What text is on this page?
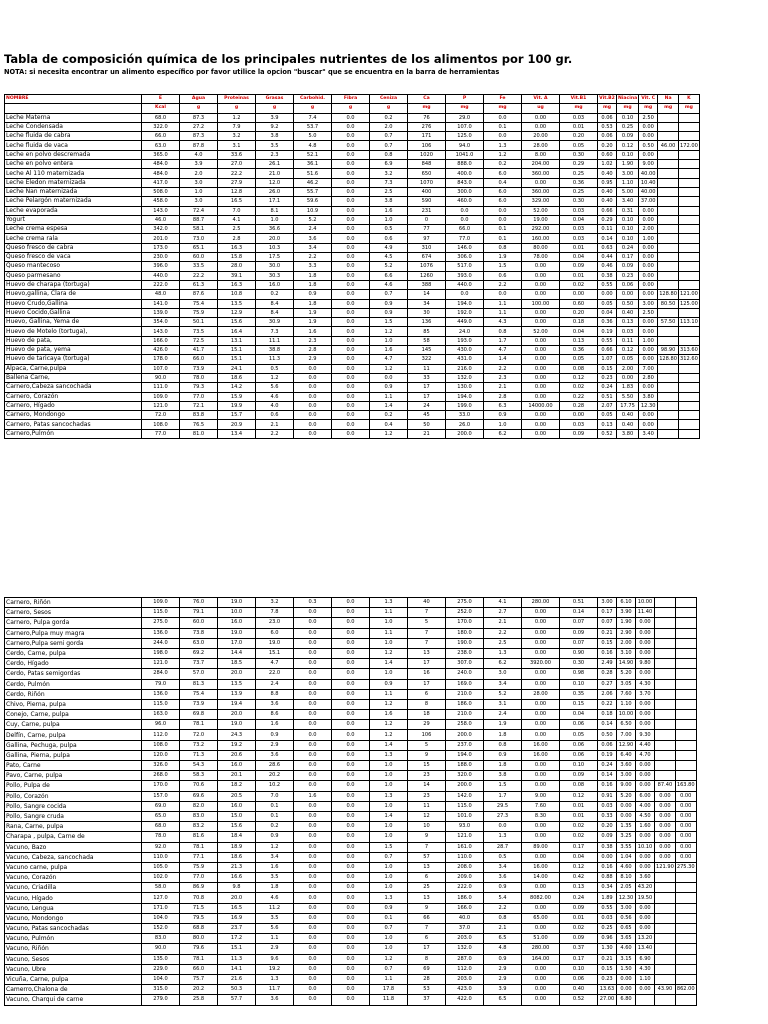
Tabla de composición química de los principales nutrientes de los alimentos por 100 gr.
NOTA: si necesita encontrar un alimento específico por favor utilice la opcion "buscar" que se encuentra en la barra de herramientas
NOMBRE	E	Agua	Proteinas	Grasas	Carbohid.	Fibra	Ceniza	Ca	P	Fe	Vit. A	Vit.B1	Vit.B2	Niacina	Vit. C	Na	K
	Kcal	g	g	g	g	g	g	mg	mg	mg	ug	mg	mg	mg	mg	mg	mg
Leche Materna	68.0	87.3	1.2	3.9	7.4	0.0	0.2	76	29.0	0.0	0.00	0.03	0.06	0.10	2.50		
Leche Condensada	322.0	27.2	7.9	9.2	53.7	0.0	2.0	276	107.0	0.1	0.00	0.01	0.53	0.25	0.00		
Leche fluida de cabra	66.0	87.3	3.2	3.8	5.0	0.0	0.7	171	125.0	0.0	20.00	0.20	0.06	0.09	0.00		
Leche fluida de vaca	63.0	87.8	3.1	3.5	4.8	0.0	0.7	106	94.0	1.3	28.00	0.05	0.20	0.12	0.50	46.00	172.00
Leche en polvo descremada	365.0	4.0	33.6	2.3	52.1	0.0	0.8	1020	1041.0	1.2	8.00	0.30	0.60	0.10	0.00		
Leche en polvo entera	484.0	3.9	27.0	26.1	36.1	0.0	6.9	848	888.0	0.2	204.00	0.29	1.02	1.90	9.00		
Leche Al 110 maternizada	484.0	2.0	22.2	21.0	51.6	0.0	3.2	650	400.0	6.0	360.00	0.25	0.40	3.00	40.00		
Leche Eledon maternizada	417.0	3.0	27.9	12.0	46.2	0.0	7.3	1070	843.0	0.4	0.00	0.36	0.95	1.10	10.40		
Leche Nan maternizada	508.0	1.0	12.8	26.0	55.7	0.0	2.5	400	300.0	6.0	360.00	0.25	0.40	5.00	40.00		
Leche Pelargón maternizada	458.0	3.0	16.5	17.1	59.6	0.0	3.8	590	460.0	6.0	329.00	0.30	0.40	3.40	37.00		
Leche evaporada	143.0	72.4	7.0	8.1	10.9	0.0	1.6	231	0.0	0.0	52.00	0.03	0.66	0.31	0.00		
Yogurt	46.0	88.7	4.1	1.0	5.2	0.0	1.0	0	0.0	0.0	19.00	0.04	0.29	0.10	0.00		
Leche crema espesa	342.0	58.1	2.5	36.6	2.4	0.0	0.5	77	66.0	0.1	292.00	0.03	0.11	0.10	2.00		
Leche crema rala	201.0	73.0	2.8	20.0	3.6	0.0	0.6	97	77.0	0.1	160.00	0.03	0.14	0.10	1.00		
Queso fresco de cabra	173.0	65.1	16.3	10.3	3.4	0.0	4.9	310	146.0	0.8	80.00	0.01	0.63	0.24	0.00		
Queso fresco de vaca	230.0	60.0	15.8	17.5	2.2	0.0	4.5	674	306.0	1.9	78.00	0.04	0.44	0.17	0.00		
Queso mantecoso	396.0	33.5	28.0	30.0	3.3	0.0	5.2	1076	517.0	1.5	0.00	0.09	0.46	0.09	0.00		
Queso parmesano	440.0	22.2	39.1	30.3	1.8	0.0	6.6	1260	393.0	0.6	0.00	0.01	0.38	0.23	0.00		
Huevo de charapa (tortuga)	222.0	61.3	16.3	16.0	1.8	0.0	4.6	388	440.0	2.2	0.00	0.02	0.55	0.06	0.00		
Huevo,gallina, Clara de	48.0	87.6	10.8	0.2	0.9	0.0	0.7	14	0.0	0.0	0.00	0.00	0.00	0.00	0.00	128.80	121.00
Huevo Crudo,Gallina	141.0	75.4	13.5	8.4	1.8	0.0	0.9	34	194.0	1.1	100.00	0.60	0.05	0.50	3.00	80.50	125.00
Huevo Cocido,Gallina	139.0	75.9	12.9	8.4	1.9	0.0	0.9	30	192.0	1.1	0.00	0.20	0.04	0.40	2.50		
Huevo, Gallina, Yema de	354.0	50.1	15.6	30.9	1.9	0.0	1.5	136	449.0	4.3	0.00	0.18	0.36	0.13	0.00	57.50	113.10
Huevo de Motelo (tortuga),	143.0	73.5	16.4	7.3	1.6	0.0	1.2	85	24.0	0.8	52.00	0.04	0.19	0.03	0.00		
Huevo de pata,	166.0	72.5	13.1	11.1	2.3	0.0	1.0	58	193.0	1.7	0.00	0.13	0.55	0.11	1.00		
Huevo de pata, yema	426.0	41.7	15.1	38.8	2.8	0.0	1.6	145	430.0	4.7	0.00	0.36	0.66	0.12	0.00	98.90	313.60
Huevo de taricaya (tortuga)	178.0	66.0	15.1	11.3	2.9	0.0	4.7	322	431.0	1.4	0.00	0.05	1.07	0.05	0.00	128.80	312.60
Alpaca, Carne,pulpa	107.0	73.9	24.1	0.5	0.0	0.0	1.2	11	216.0	2.2	0.00	0.08	0.15	2.00	7.00		
Ballena Carne,	90.0	78.0	18.6	1.2	0.0	0.0	0.0	33	132.0	2.3	0.00	0.12	0.23	0.00	2.80		
Carnero,Cabeza sancochada	111.0	79.3	14.2	5.6	0.0	0.0	0.9	17	130.0	2.1	0.00	0.02	0.24	1.83	0.00		
Carnero, Corazón	109.0	77.0	15.9	4.6	0.0	0.0	1.1	17	194.0	2.8	0.00	0.22	0.51	5.50	3.80		
Carnero, Hígado	121.0	72.1	19.9	4.0	0.0	0.0	1.4	24	199.0	6.3	14000.00	0.28	2.07	17.75	12.30		
Carnero, Mondongo	72.0	83.8	15.7	0.6	0.0	0.0	0.2	45	33.0	0.9	0.00	0.00	0.05	0.40	0.00		
Carnero, Patas sancochadas	108.0	76.5	20.9	2.1	0.0	0.0	0.4	50	26.0	1.0	0.00	0.03	0.13	0.40	0.00		
Carnero,Pulmón	77.0	81.0	13.4	2.2	0.0	0.0	1.2	21	200.0	6.2	0.00	0.09	0.52	3.80	3.40		
Carnero, Riñón	109.0	76.0	19.0	3.2	0.3	0.0	1.3	40	275.0	4.1	280.00	0.51	3.00	6.10	10.00		
Carnero, Sesos	115.0	79.1	10.0	7.8	0.0	0.0	1.1	7	252.0	2.7	0.00	0.14	0.17	3.90	11.40		
Carnero, Pulpa gorda	275.0	60.0	16.0	23.0	0.0	0.0	1.0	5	170.0	2.1	0.00	0.07	0.07	1.90	0.00		
Carnero,Pulpa muy magra	136.0	73.8	19.0	6.0	0.0	0.0	1.1	7	180.0	2.2	0.00	0.09	0.21	2.90	0.00		
Carnero,Pulpa semi gorda	244.0	63.0	17.0	19.0	0.0	0.0	1.0	7	190.0	2.5	0.00	0.07	0.15	2.00	0.00		
Cerdo, Carne, pulpa	198.0	69.2	14.4	15.1	0.0	0.0	1.2	13	238.0	1.3	0.00	0.90	0.16	3.10	0.00		
Cerdo, Hígado	121.0	73.7	18.5	4.7	0.0	0.0	1.4	17	307.0	6.2	3920.00	0.30	2.49	14.90	9.80		
Cerdo, Patas semigordas	284.0	57.0	20.0	22.0	0.0	0.0	1.0	16	240.0	3.0	0.00	0.98	0.28	5.20	0.00		
Cerdo, Pulmón	79.0	81.3	13.5	2.4	0.0	0.0	0.9	17	169.0	3.4	0.00	0.10	0.27	3.05	4.30		
Cerdo, Riñón	136.0	75.4	13.9	8.8	0.0	0.0	1.1	6	210.0	5.2	28.00	0.35	2.06	7.60	3.70		
Chivo, Pierna, pulpa	115.0	73.9	19.4	3.6	0.0	0.0	1.2	8	186.0	3.1	0.00	0.15	0.22	1.10	0.00		
Conejo, Carne, pulpa	163.0	69.8	20.0	8.6	0.0	0.0	1.6	18	210.0	2.4	0.00	0.04	0.18	10.00	0.00		
Cuy, Carne, pulpa	96.0	78.1	19.0	1.6	0.0	0.0	1.2	29	258.0	1.9	0.00	0.06	0.14	6.50	0.00		
Delfín, Carne, pulpa	112.0	72.0	24.3	0.9	0.0	0.0	1.2	106	200.0	1.8	0.00	0.05	0.50	7.00	9.30		
Gallina, Pechuga, pulpa	108.0	73.2	19.2	2.9	0.0	0.0	1.4	5	237.0	0.8	16.00	0.06	0.06	12.90	4.40		
Gallina, Pierna, pulpa	120.0	71.3	20.6	3.6	0.0	0.0	1.3	9	194.0	0.9	16.00	0.06	0.19	6.40	4.70		
Pato, Carne	326.0	54.3	16.0	28.6	0.0	0.0	1.0	15	188.0	1.8	0.00	0.10	0.24	3.60	0.00		
Pavo, Carne, pulpa	268.0	58.3	20.1	20.2	0.0	0.0	1.0	23	320.0	3.8	0.00	0.09	0.14	3.00	0.00		
Pollo, Pulpa de	170.0	70.6	18.2	10.2	0.0	0.0	1.0	14	200.0	1.5	0.00	0.08	0.16	9.00	0.00	87.40	163.80
Pollo, Corazón	157.0	69.6	20.5	7.0	1.6	0.0	1.3	23	142.0	1.7	9.00	0.12	0.91	5.20	6.00	0.00	0.00
Pollo, Sangre cocida	69.0	82.0	16.0	0.1	0.0	0.0	1.0	11	115.0	29.5	7.60	0.01	0.03	0.00	4.00	0.00	0.00
Pollo, Sangre cruda	65.0	83.0	15.0	0.1	0.0	0.0	1.4	12	101.0	27.3	8.30	0.01	0.33	0.00	4.50	0.00	0.00
Rana, Carne, pulpa	68.0	83.2	15.6	0.2	0.0	0.0	1.0	10	93.0	0.0	0.00	0.02	0.20	1.35	1.60	0.00	0.00
Charapa , pulpa, Carne de	78.0	81.6	18.4	0.9	0.0	0.0	1.0	9	121.0	1.3	0.00	0.02	0.09	3.25	0.00	0.00	0.00
Vacuno, Bazo	92.0	78.1	18.9	1.2	0.0	0.0	1.5	7	161.0	28.7	89.00	0.17	0.38	3.55	10.10	0.00	0.00
Vacuno, Cabeza, sancochada	110.0	77.1	18.6	3.4	0.0	0.0	0.7	57	110.0	0.5	0.00	0.04	0.00	1.04	0.00	0.00	0.00
Vacuno carne, pulpa	105.0	75.9	21.3	1.6	0.0	0.0	1.0	13	208.0	3.4	16.00	0.12	0.16	4.60	0.00	121.90	275.30
Vacuno, Corazón	102.0	77.0	16.6	3.5	0.0	0.0	1.0	6	209.0	3.6	14.00	0.42	0.88	8.10	3.60		
Vacuno, Criadilla	58.0	86.9	9.8	1.8	0.0	0.0	1.0	25	222.0	0.9	0.00	0.13	0.34	2.05	43.20		
Vacuno, Hígado	127.0	70.8	20.0	4.6	0.0	0.0	1.3	13	186.0	5.4	8082.00	0.24	1.89	12.30	19.50		
Vacuno, Lengua	171.0	71.5	16.5	11.2	0.0	0.0	0.9	9	166.0	2.2	0.00	0.09	0.55	3.00	0.00		
Vacuno, Mondongo	104.0	79.5	16.9	3.5	0.0	0.0	0.1	66	40.0	0.8	65.00	0.01	0.03	0.56	0.00		
Vacuno, Patas sancochadas	152.0	68.8	23.7	5.6	0.0	0.0	0.7	7	37.0	2.1	0.00	0.02	0.25	0.65	0.00		
Vacuno, Pulmón	83.0	80.0	17.2	1.1	0.0	0.0	1.0	6	203.0	6.5	51.00	0.09	0.96	3.65	13.20		
Vacuno, Riñón	90.0	79.6	15.1	2.9	0.0	0.0	1.0	17	132.0	4.8	280.00	0.37	1.30	4.60	13.40		
Vacuno, Sesos	135.0	78.1	11.3	9.6	0.0	0.0	1.2	8	287.0	0.9	164.00	0.17	0.21	3.15	6.90		
Vacuno, Ubre	229.0	66.0	14.1	19.2	0.0	0.0	0.7	69	112.0	2.9	0.00	0.10	0.15	1.50	4.30		
Vicuña, Carne, pulpa	104.0	75.7	21.6	1.3	0.0	0.0	1.1	28	203.0	2.9	0.00	0.06	0.23	0.00	1.10		
Camerro,Chalona de	315.0	20.2	50.3	11.7	0.0	0.0	17.8	53	423.0	3.9	0.00	0.40	13.63	0.00	0.00	43.90	862.00
Vacuno, Charqui de carne	279.0	25.8	57.7	3.6	0.0	0.0	11.8	37	422.0	6.5	0.00	0.52	27.00	6.80			
